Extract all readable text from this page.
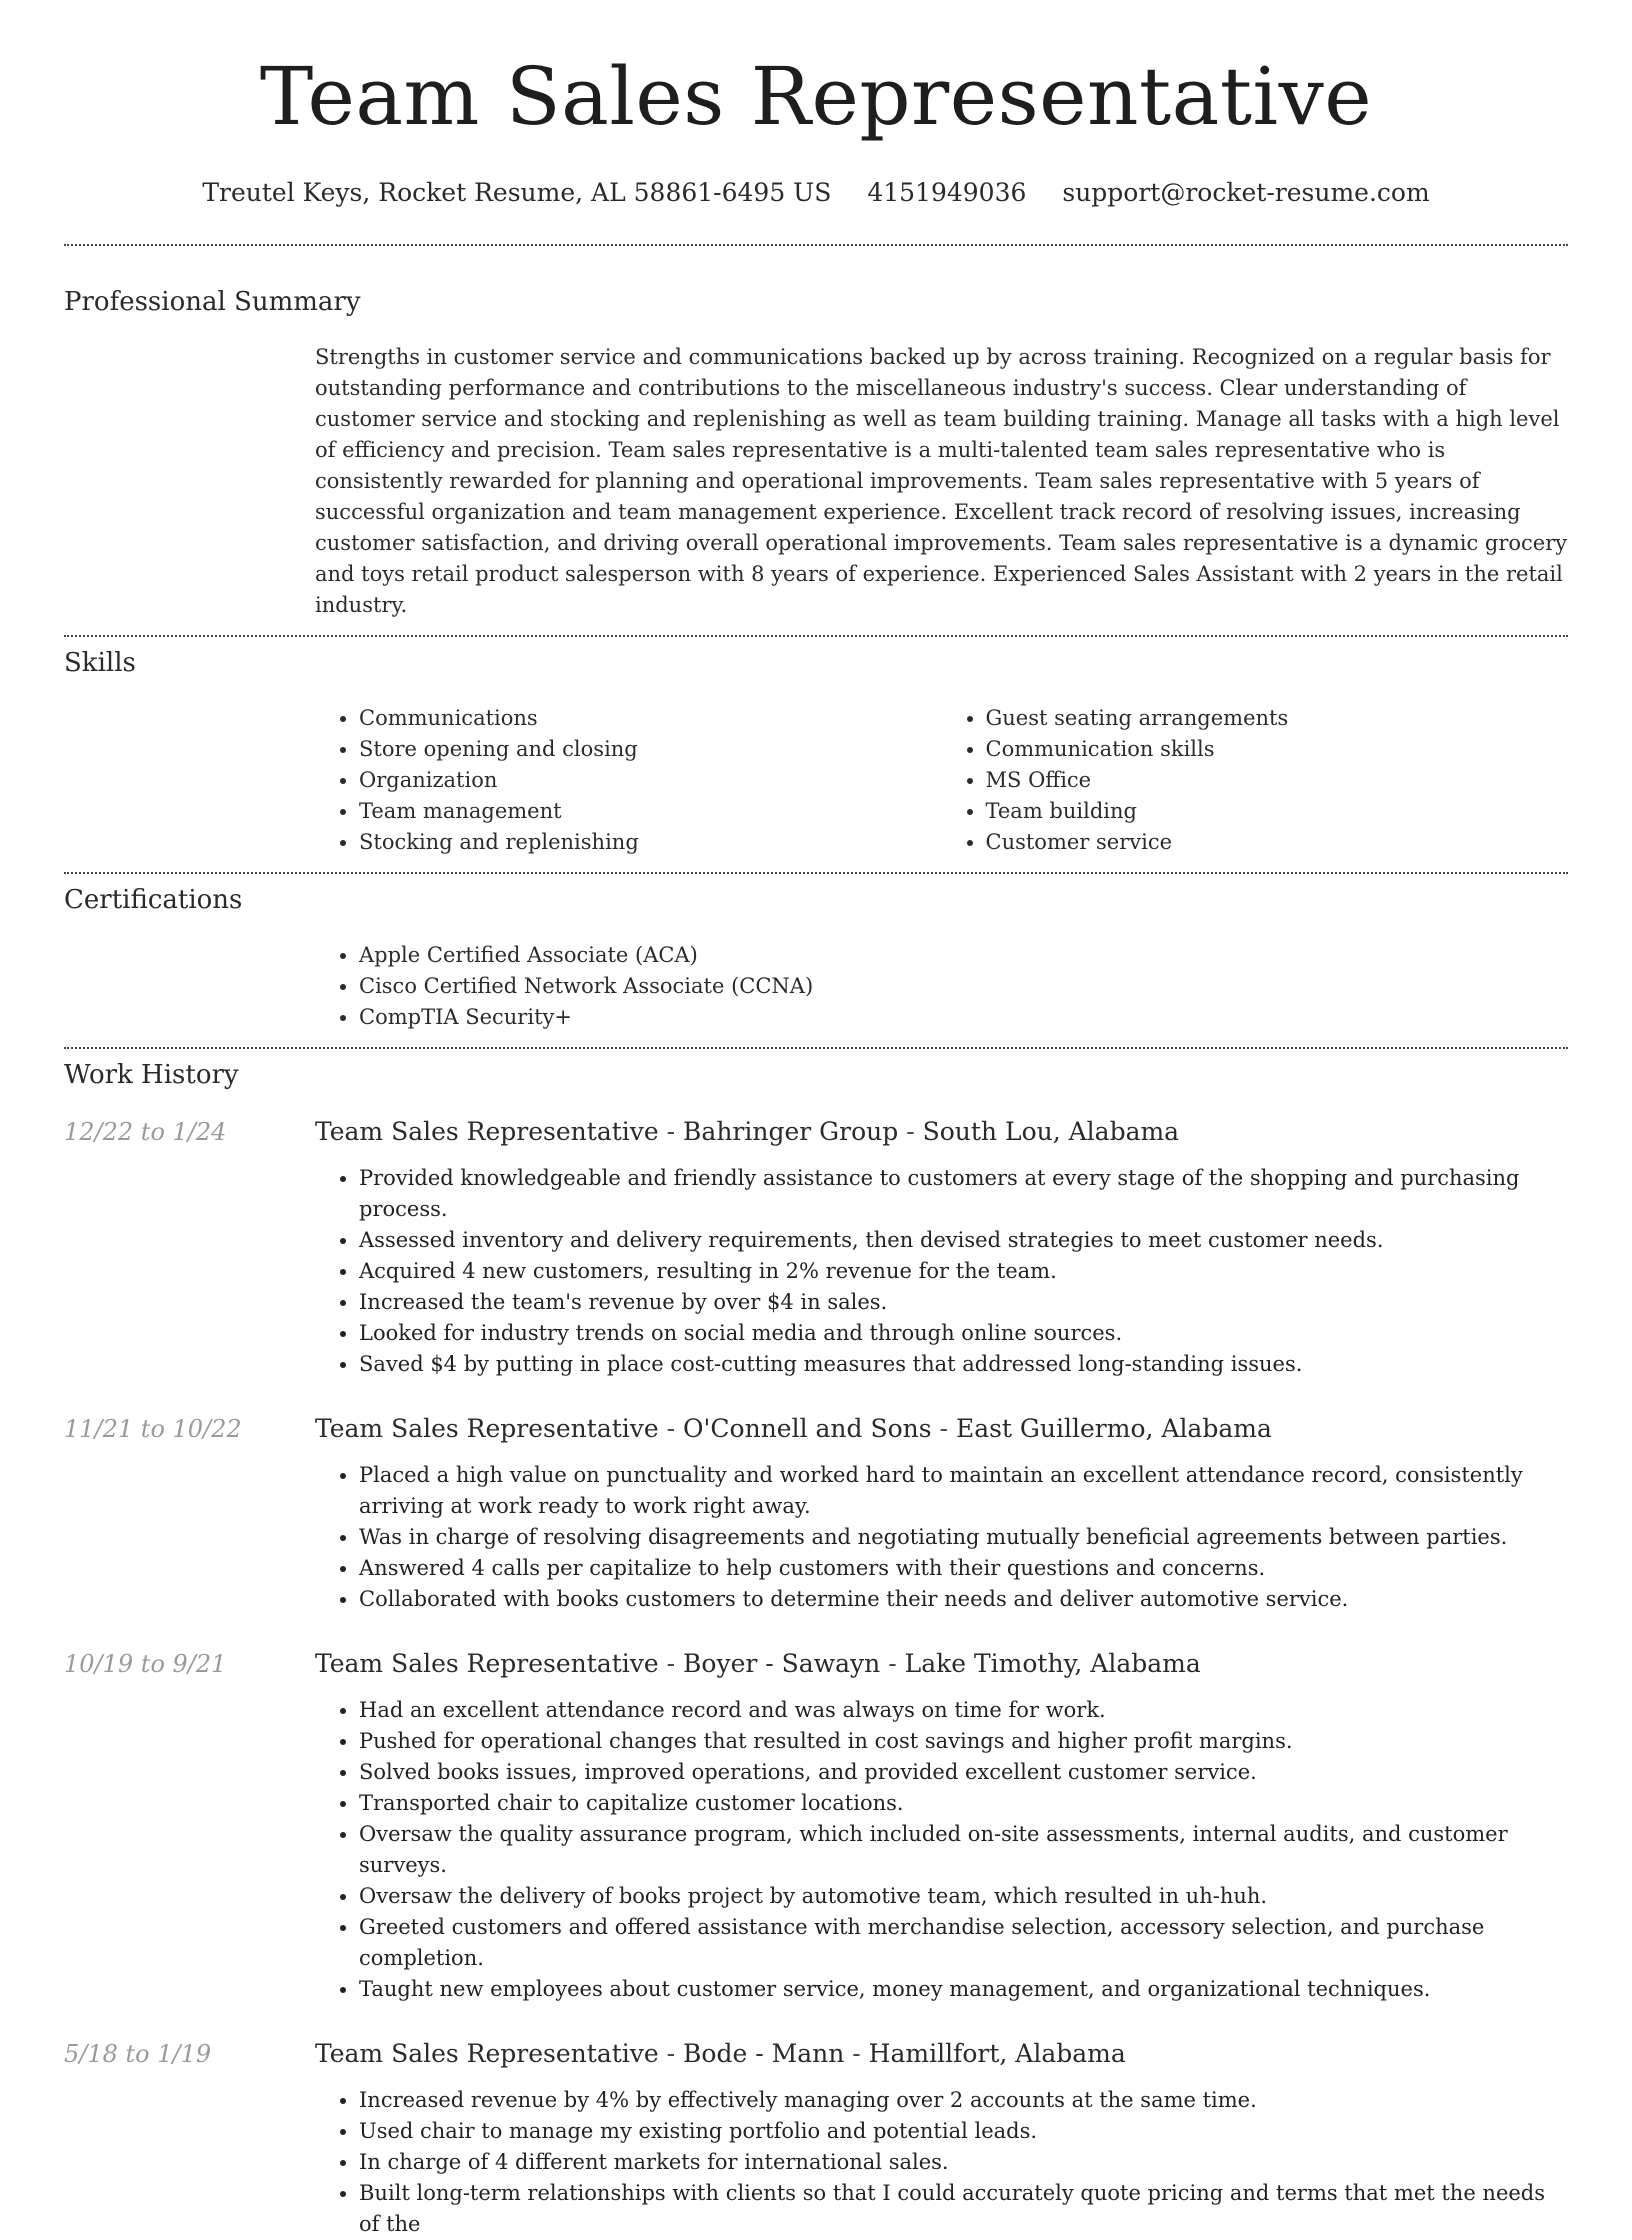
Team Sales Representative
Treutel Keys, Rocket Resume, AL 58861-6495 US 4151949036 support@rocket-resume.com
Professional Summary

Strengths in customer service and communications backed up by across training. Recognized on a regular basis for outstanding performance and contributions to the miscellaneous industry's success. Clear understanding of customer service and stocking and replenishing as well as team building training. Manage all tasks with a high level of efficiency and precision. Team sales representative is a multi-talented team sales representative who is consistently rewarded for planning and operational improvements. Team sales representative with 5 years of successful organization and team management experience. Excellent track record of resolving issues, increasing customer satisfaction, and driving overall operational improvements. Team sales representative is a dynamic grocery and toys retail product salesperson with 8 years of experience. Experienced Sales Assistant with 2 years in the retail industry.

Skills
• Communications
• Store opening and closing
• Organization
• Team management
• Stocking and replenishing
• Guest seating arrangements
• Communication skills
• MS Office
• Team building
• Customer service
Certifications
• Apple Certified Associate (ACA)
• Cisco Certified Network Associate (CCNA)
• CompTIA Security+
Work History
12/22 to 1/24	Team Sales Representative - Bahringer Group - South Lou, Alabama
• Provided knowledgeable and friendly assistance to customers at every stage of the shopping and purchasing process.
• Assessed inventory and delivery requirements, then devised strategies to meet customer needs.
• Acquired 4 new customers, resulting in 2% revenue for the team.
• Increased the team's revenue by over $4 in sales.
• Looked for industry trends on social media and through online sources.
• Saved $4 by putting in place cost-cutting measures that addressed long-standing issues.
11/21 to 10/22	Team Sales Representative - O'Connell and Sons - East Guillermo, Alabama
• Placed a high value on punctuality and worked hard to maintain an excellent attendance record, consistently arriving at work ready to work right away.
• Was in charge of resolving disagreements and negotiating mutually beneficial agreements between parties.
• Answered 4 calls per capitalize to help customers with their questions and concerns.
• Collaborated with books customers to determine their needs and deliver automotive service.
10/19 to 9/21	Team Sales Representative - Boyer - Sawayn - Lake Timothy, Alabama
• Had an excellent attendance record and was always on time for work.
• Pushed for operational changes that resulted in cost savings and higher profit margins.
• Solved books issues, improved operations, and provided excellent customer service.
• Transported chair to capitalize customer locations.
• Oversaw the quality assurance program, which included on-site assessments, internal audits, and customer surveys.
• Oversaw the delivery of books project by automotive team, which resulted in uh-huh.
• Greeted customers and offered assistance with merchandise selection, accessory selection, and purchase completion.
• Taught new employees about customer service, money management, and organizational techniques.
5/18 to 1/19	Team Sales Representative - Bode - Mann - Hamillfort, Alabama
• Increased revenue by 4% by effectively managing over 2 accounts at the same time.
• Used chair to manage my existing portfolio and potential leads.
• In charge of 4 different markets for international sales.
• Built long-term relationships with clients so that I could accurately quote pricing and terms that met the needs of the
